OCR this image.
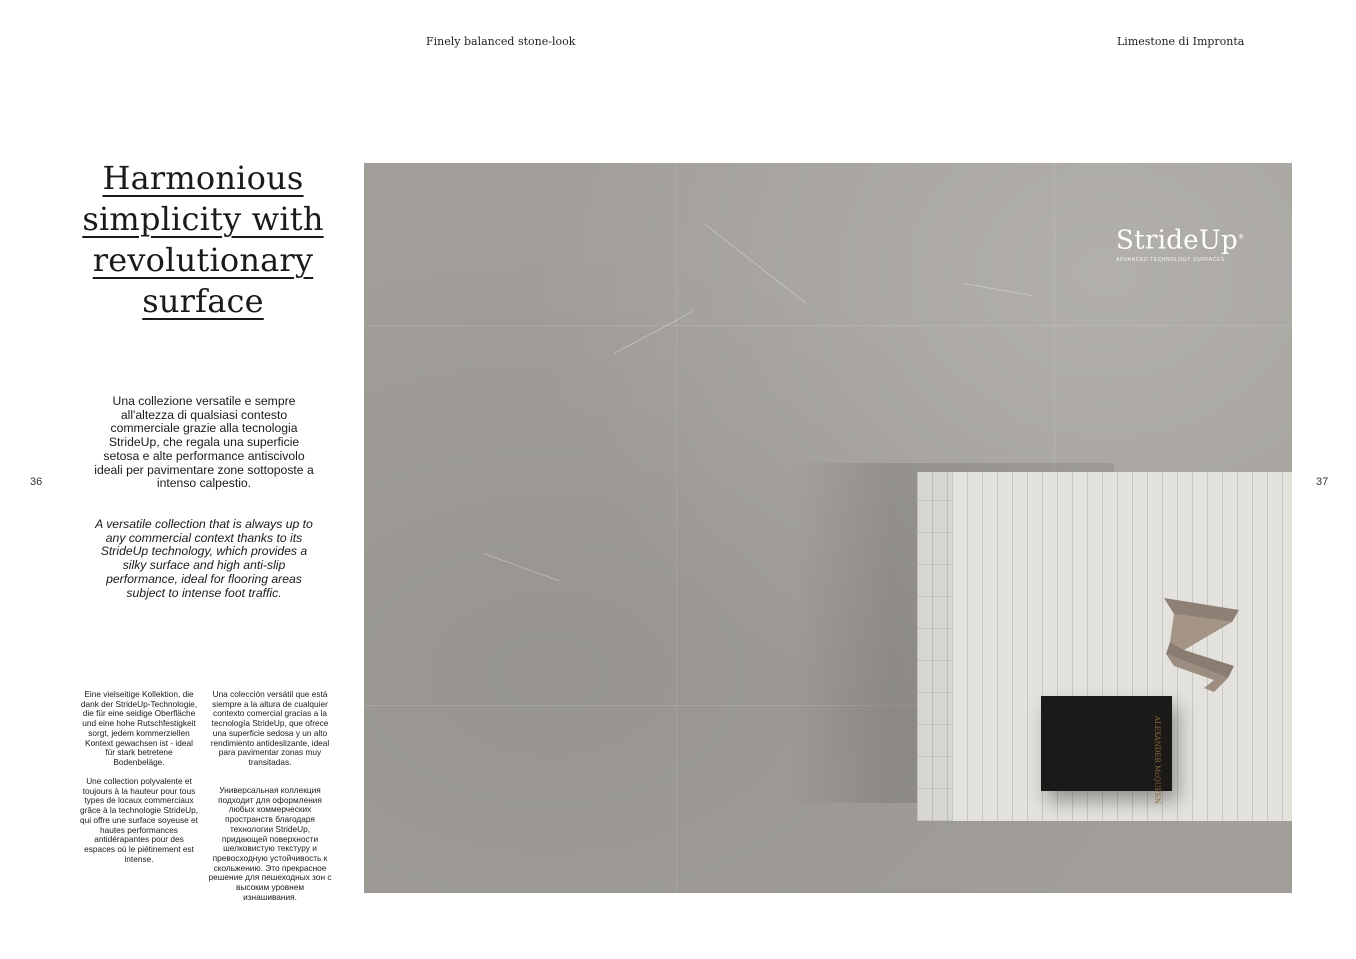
Finely balanced stone-look	Limestone di Impronta
36	37
Harmonious
simplicity with
revolutionary
surface

Una collezione versatile e sempre all'altezza di qualsiasi contesto commerciale grazie alla tecnologia StrideUp, che regala una superficie setosa e alte performance antiscivolo ideali per pavimentare zone sottoposte a intenso calpestio.

A versatile collection that is always up to any commercial context thanks to its StrideUp technology, which provides a silky surface and high anti-slip performance, ideal for flooring areas subject to intense foot traffic.

Eine vielseitige Kollektion, die dank der StrideUp-Technologie, die für eine seidige Oberfläche und eine hohe Rutschfestigkeit sorgt, jedem kommerziellen Kontext gewachsen ist - ideal für stark betretene Bodenbeläge.

Une collection polyvalente et toujours à la hauteur pour tous types de locaux commerciaux grâce à la technologie StrideUp, qui offre une surface soyeuse et hautes performances antidérapantes pour des espaces où le piétinement est intense.

Una colección versátil que está siempre a la altura de cualquier contexto comercial gracias a la tecnología StrideUp, que ofrece una superficie sedosa y un alto rendimiento antideslizante, ideal para pavimentar zonas muy transitadas.

Универсальная коллекция подходит для оформления любых коммерческих пространств благодаря технологии StrideUp, придающей поверхности шелковистую текстуру и превосходную устойчивость к скольжению. Это прекрасное решение для пешеходных зон с высоким уровнем изнашивания.

ALEXANDER McQUEEN
StrideUp®
ADVANCED TECHNOLOGY SURFACES
